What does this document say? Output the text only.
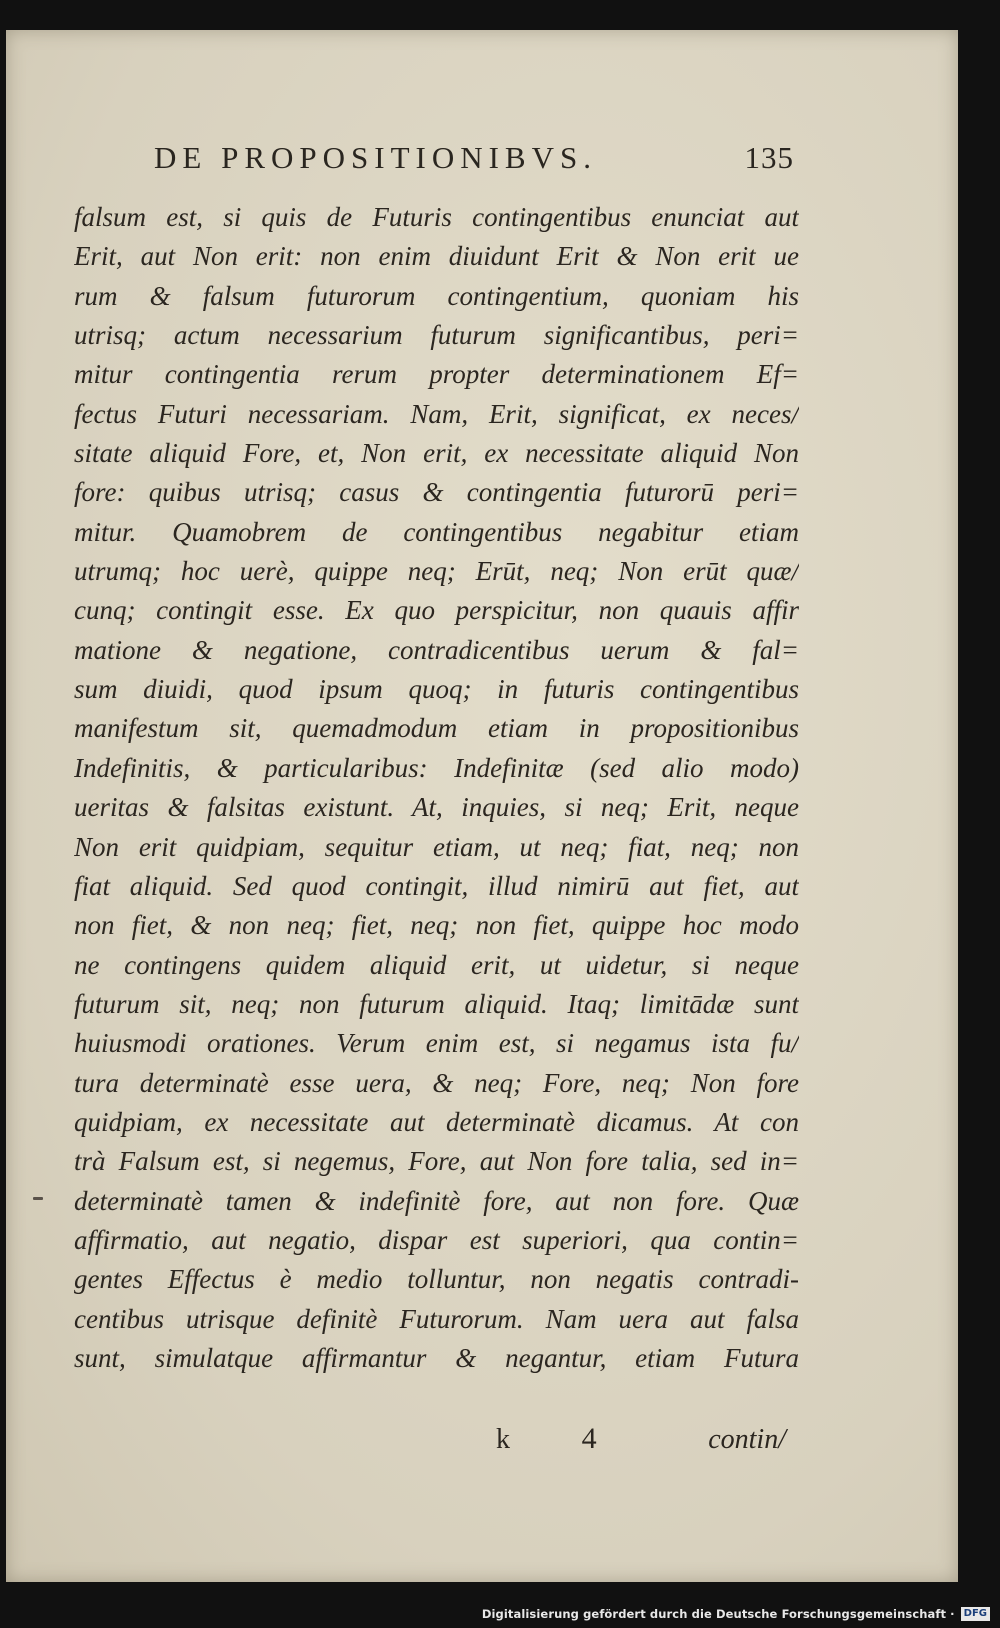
DE PROPOSITIONIBVS.	135
falsum est, si quis de Futuris contingentibus enunciat aut
Erit, aut Non erit: non enim diuidunt Erit & Non erit ue
rum & falsum futurorum contingentium, quoniam his
utrisq; actum necessarium futurum significantibus, peri=
mitur contingentia rerum propter determinationem Ef=
fectus Futuri necessariam. Nam, Erit, significat, ex neces/
sitate aliquid Fore, et, Non erit, ex necessitate aliquid Non
fore: quibus utrisq; casus & contingentia futurorū peri=
mitur. Quamobrem de contingentibus negabitur etiam
utrumq; hoc uerè, quippe neq; Erūt, neq; Non erūt quæ/
cunq; contingit esse. Ex quo perspicitur, non quauis affir
matione & negatione, contradicentibus uerum & fal=
sum diuidi, quod ipsum quoq; in futuris contingentibus
manifestum sit, quemadmodum etiam in propositionibus
Indefinitis, & particularibus: Indefinitæ (sed alio modo)
ueritas & falsitas existunt. At, inquies, si neq; Erit, neque
Non erit quidpiam, sequitur etiam, ut neq; fiat, neq; non
fiat aliquid. Sed quod contingit, illud nimirū aut fiet, aut
non fiet, & non neq; fiet, neq; non fiet, quippe hoc modo
ne contingens quidem aliquid erit, ut uidetur, si neque
futurum sit, neq; non futurum aliquid. Itaq; limitādæ sunt
huiusmodi orationes. Verum enim est, si negamus ista fu/
tura determinatè esse uera, & neq; Fore, neq; Non fore
quidpiam, ex necessitate aut determinatè dicamus. At con
trà Falsum est, si negemus, Fore, aut Non fore talia, sed in=
determinatè tamen & indefinitè fore, aut non fore. Quæ
affirmatio, aut negatio, dispar est superiori, qua contin=
gentes Effectus è medio tolluntur, non negatis contradi-
centibus utrisque definitè Futurorum. Nam uera aut falsa
sunt, simulatque affirmantur & negantur, etiam Futura
k 4	contin/
Digitalisierung gefördert durch die Deutsche Forschungsgemeinschaft · DFG
